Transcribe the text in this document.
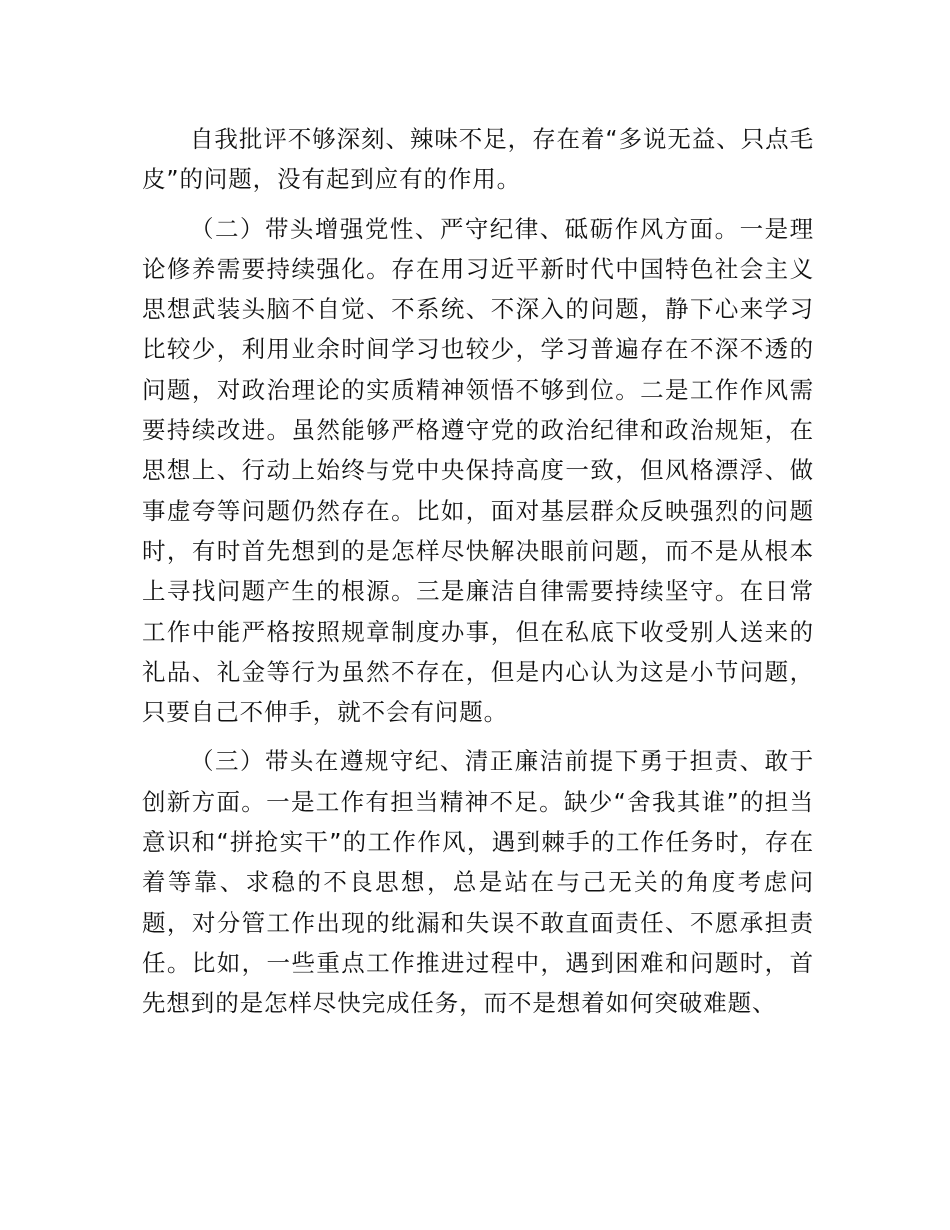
自我批评不够深刻、辣味不足，存在着“多说无益、只点毛皮”的问题，没有起到应有的作用。

（二）带头增强党性、严守纪律、砥砺作风方面。一是理论修养需要持续强化。存在用习近平新时代中国特色社会主义思想武装头脑不自觉、不系统、不深入的问题，静下心来学习比较少，利用业余时间学习也较少，学习普遍存在不深不透的问题，对政治理论的实质精神领悟不够到位。二是工作作风需要持续改进。虽然能够严格遵守党的政治纪律和政治规矩，在思想上、行动上始终与党中央保持高度一致，但风格漂浮、做事虚夸等问题仍然存在。比如，面对基层群众反映强烈的问题时，有时首先想到的是怎样尽快解决眼前问题，而不是从根本上寻找问题产生的根源。三是廉洁自律需要持续坚守。在日常工作中能严格按照规章制度办事，但在私底下收受别人送来的礼品、礼金等行为虽然不存在，但是内心认为这是小节问题，只要自己不伸手，就不会有问题。

（三）带头在遵规守纪、清正廉洁前提下勇于担责、敢于创新方面。一是工作有担当精神不足。缺少“舍我其谁”的担当意识和“拼抢实干”的工作作风，遇到棘手的工作任务时，存在着等靠、求稳的不良思想，总是站在与己无关的角度考虑问题，对分管工作出现的纰漏和失误不敢直面责任、不愿承担责任。比如，一些重点工作推进过程中，遇到困难和问题时，首先想到的是怎样尽快完成任务，而不是想着如何突破难题、
